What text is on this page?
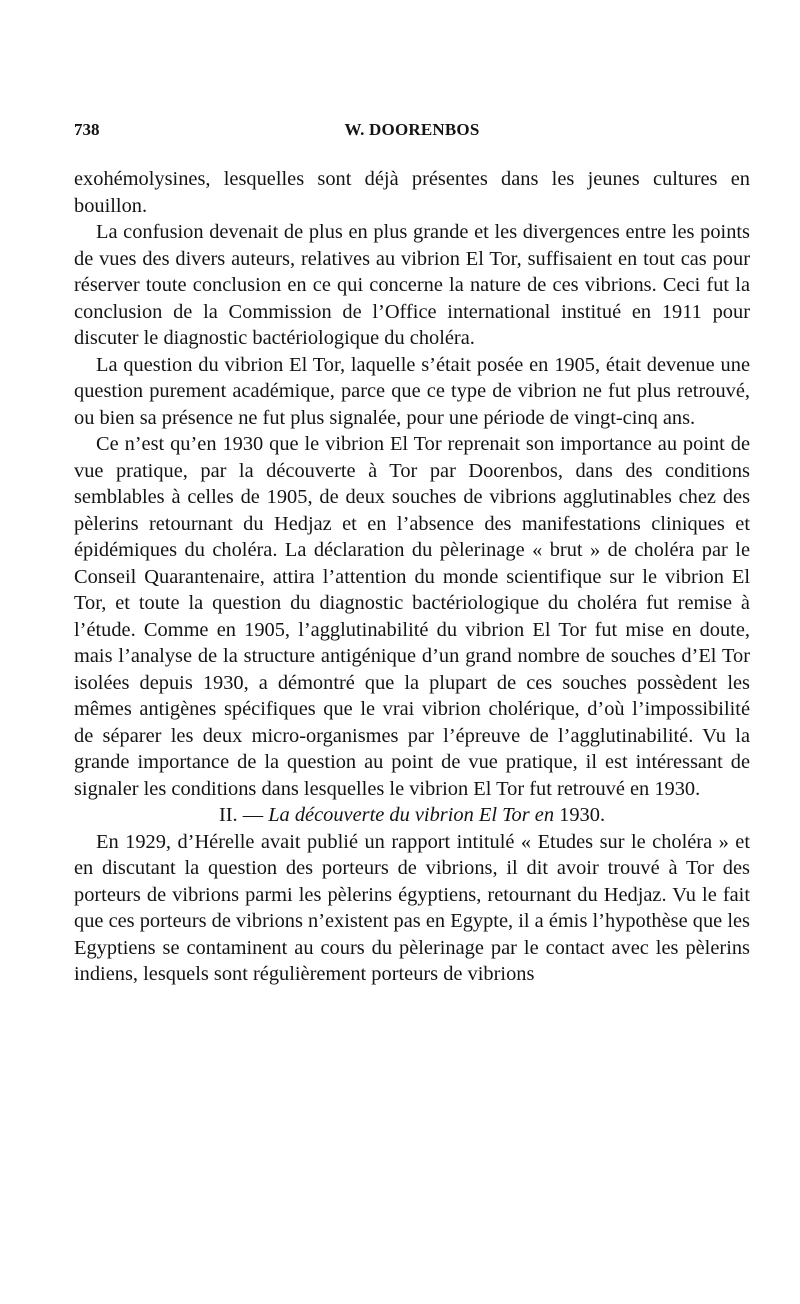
738	W. DOORENBOS

exohémolysines, lesquelles sont déjà présentes dans les jeunes cultures en bouillon.

La confusion devenait de plus en plus grande et les divergences entre les points de vues des divers auteurs, relatives au vibrion El Tor, suffisaient en tout cas pour réserver toute conclusion en ce qui concerne la nature de ces vibrions. Ceci fut la conclusion de la Commission de l’Office international institué en 1911 pour discuter le diagnostic bactériologique du choléra.

La question du vibrion El Tor, laquelle s’était posée en 1905, était devenue une question purement académique, parce que ce type de vibrion ne fut plus retrouvé, ou bien sa présence ne fut plus signalée, pour une période de vingt-cinq ans.

Ce n’est qu’en 1930 que le vibrion El Tor reprenait son importance au point de vue pratique, par la découverte à Tor par Doorenbos, dans des conditions semblables à celles de 1905, de deux souches de vibrions agglutinables chez des pèlerins retournant du Hedjaz et en l’absence des manifestations cliniques et épidémiques du choléra. La déclaration du pèlerinage « brut » de choléra par le Conseil Quarantenaire, attira l’attention du monde scientifique sur le vibrion El Tor, et toute la question du diagnostic bactériologique du choléra fut remise à l’étude. Comme en 1905, l’agglutinabilité du vibrion El Tor fut mise en doute, mais l’analyse de la structure antigénique d’un grand nombre de souches d’El Tor isolées depuis 1930, a démontré que la plupart de ces souches possèdent les mêmes antigènes spécifiques que le vrai vibrion cholérique, d’où l’impossibilité de séparer les deux micro-organismes par l’épreuve de l’agglutinabilité. Vu la grande importance de la question au point de vue pratique, il est intéressant de signaler les conditions dans lesquelles le vibrion El Tor fut retrouvé en 1930.

II. — La découverte du vibrion El Tor en 1930.

En 1929, d’Hérelle avait publié un rapport intitulé « Etudes sur le choléra » et en discutant la question des porteurs de vibrions, il dit avoir trouvé à Tor des porteurs de vibrions parmi les pèlerins égyptiens, retournant du Hedjaz. Vu le fait que ces porteurs de vibrions n’existent pas en Egypte, il a émis l’hypothèse que les Egyptiens se contaminent au cours du pèlerinage par le contact avec les pèlerins indiens, lesquels sont régulièrement porteurs de vibrions
